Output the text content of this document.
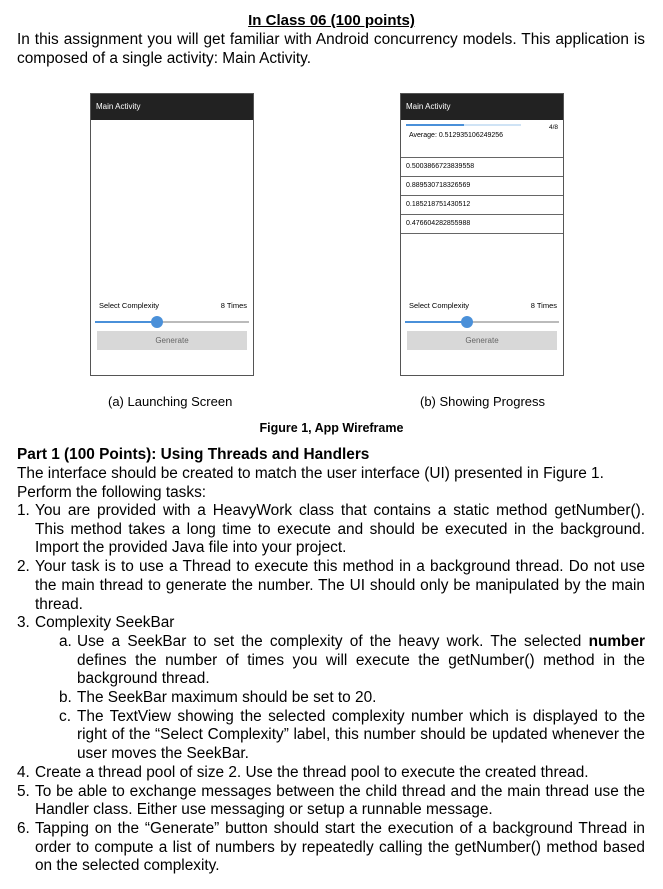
In Class 06 (100 points)
In this assignment you will get familiar with Android concurrency models. This application is composed of a single activity: Main Activity.
Main Activity
Select Complexity	8 Times
Generate
Main Activity
4/8
Average: 0.512935106249256
0.5003866723839558
0.889530718326569
0.185218751430512
0.476604282855988
Select Complexity	8 Times
Generate
(a) Launching Screen	(b) Showing Progress
Figure 1, App Wireframe
Part 1 (100 Points): Using Threads and Handlers
The interface should be created to match the user interface (UI) presented in Figure 1. Perform the following tasks:
1. You are provided with a HeavyWork class that contains a static method getNumber(). This method takes a long time to execute and should be executed in the background. Import the provided Java file into your project.
2. Your task is to use a Thread to execute this method in a background thread. Do not use the main thread to generate the number. The UI should only be manipulated by the main thread.
3. Complexity SeekBar
a. Use a SeekBar to set the complexity of the heavy work. The selected number defines the number of times you will execute the getNumber() method in the background thread.
b. The SeekBar maximum should be set to 20.
c. The TextView showing the selected complexity number which is displayed to the right of the “Select Complexity” label, this number should be updated whenever the user moves the SeekBar.
4. Create a thread pool of size 2. Use the thread pool to execute the created thread.
5. To be able to exchange messages between the child thread and the main thread use the Handler class. Either use messaging or setup a runnable message.
6. Tapping on the “Generate” button should start the execution of a background Thread in order to compute a list of numbers by repeatedly calling the getNumber() method based on the selected complexity.
